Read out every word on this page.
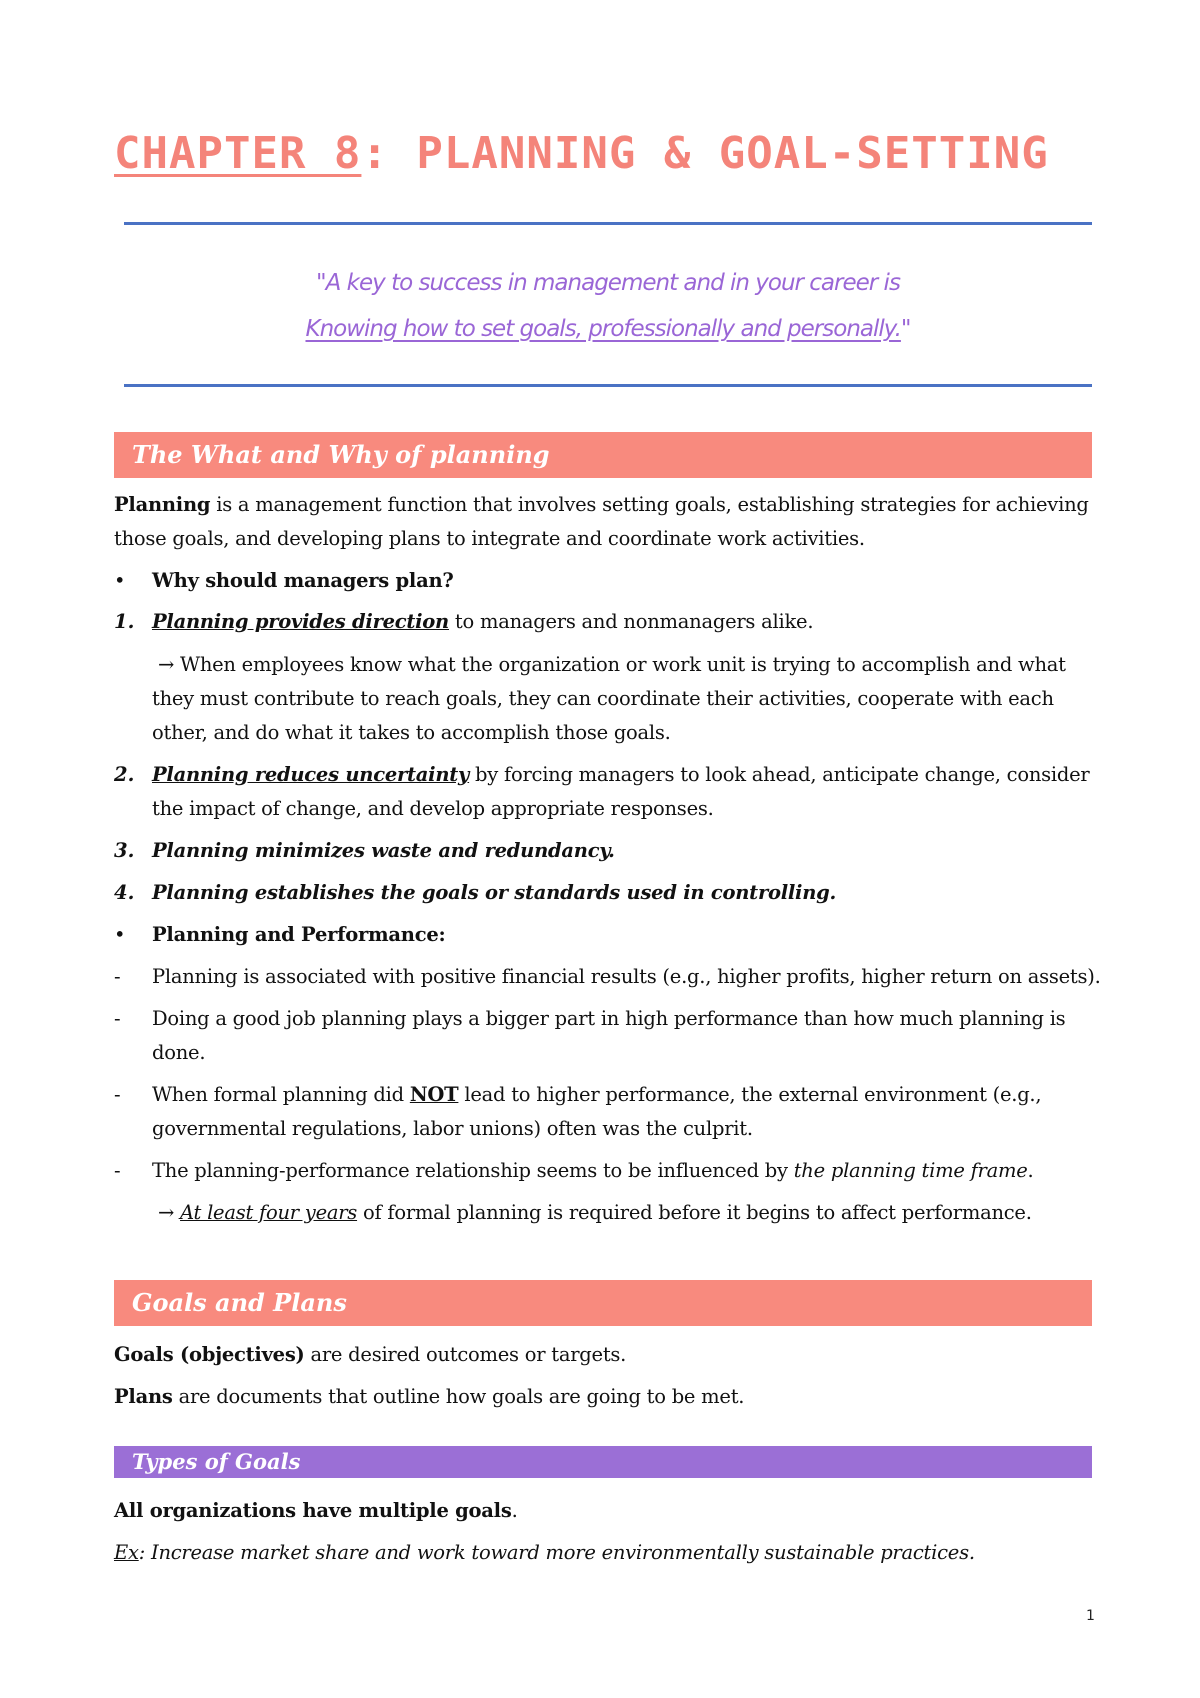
CHAPTER 8: PLANNING & GOAL-SETTING
"A key to success in management and in your career is
Knowing how to set goals, professionally and personally."
The What and Why of planning
Planning is a management function that involves setting goals, establishing strategies for achieving
those goals, and developing plans to integrate and coordinate work activities.
• Why should managers plan?
1. Planning provides direction to managers and nonmanagers alike.
→ When employees know what the organization or work unit is trying to accomplish and what
they must contribute to reach goals, they can coordinate their activities, cooperate with each
other, and do what it takes to accomplish those goals.
2. Planning reduces uncertainty by forcing managers to look ahead, anticipate change, consider
the impact of change, and develop appropriate responses.
3. Planning minimizes waste and redundancy.
4. Planning establishes the goals or standards used in controlling.
• Planning and Performance:
- Planning is associated with positive financial results (e.g., higher profits, higher return on assets).
- Doing a good job planning plays a bigger part in high performance than how much planning is
done.
- When formal planning did NOT lead to higher performance, the external environment (e.g.,
governmental regulations, labor unions) often was the culprit.
- The planning-performance relationship seems to be influenced by the planning time frame.
→ At least four years of formal planning is required before it begins to affect performance.
Goals and Plans
Goals (objectives) are desired outcomes or targets.
Plans are documents that outline how goals are going to be met.
Types of Goals
All organizations have multiple goals.
Ex: Increase market share and work toward more environmentally sustainable practices.
1
